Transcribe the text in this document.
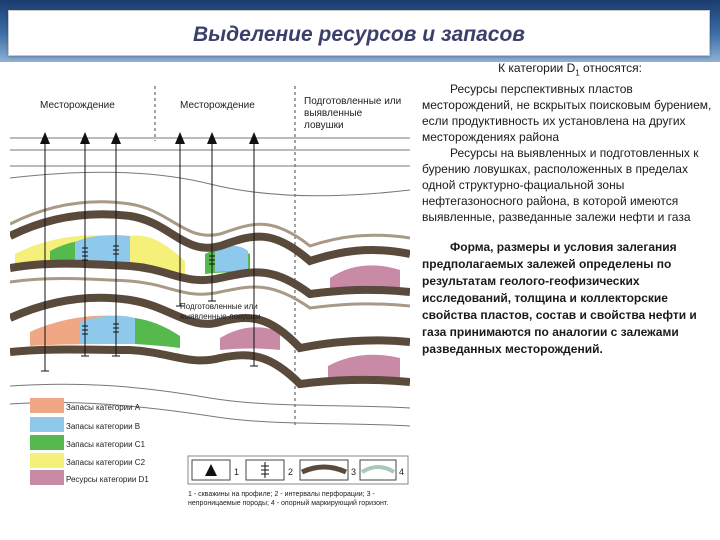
Выделение ресурсов и запасов
Запасы категории А
Запасы категории В
Запасы категории С1
Запасы категории С2
Ресурсы категории D1
1	2	3	4
Месторождение	Месторождение	Подготовленные или выявленные ловушки
Подготовленные или выявленные ловушки
1 - скважины на профиле; 2 - интервалы перфорации; 3 - непроницаемые породы; 4 - опорный маркирующий горизонт.

К категории $D_1$ относятся:

Ресурсы перспективных пластов месторождений, не вскрытых поисковым бурением, если продуктивность их установлена на других месторождениях района

Ресурсы на выявленных и подготовленных к бурению ловушках, расположенных в пределах одной структурно-фациальной зоны нефтегазоносного района, в которой имеются выявленные, разведанные залежи нефти и газа

Форма, размеры и условия залегания предполагаемых залежей определены по результатам геолого-геофизических исследований, толщина и коллекторские свойства пластов, состав и свойства нефти и газа принимаются по аналогии с залежами разведанных месторождений.
